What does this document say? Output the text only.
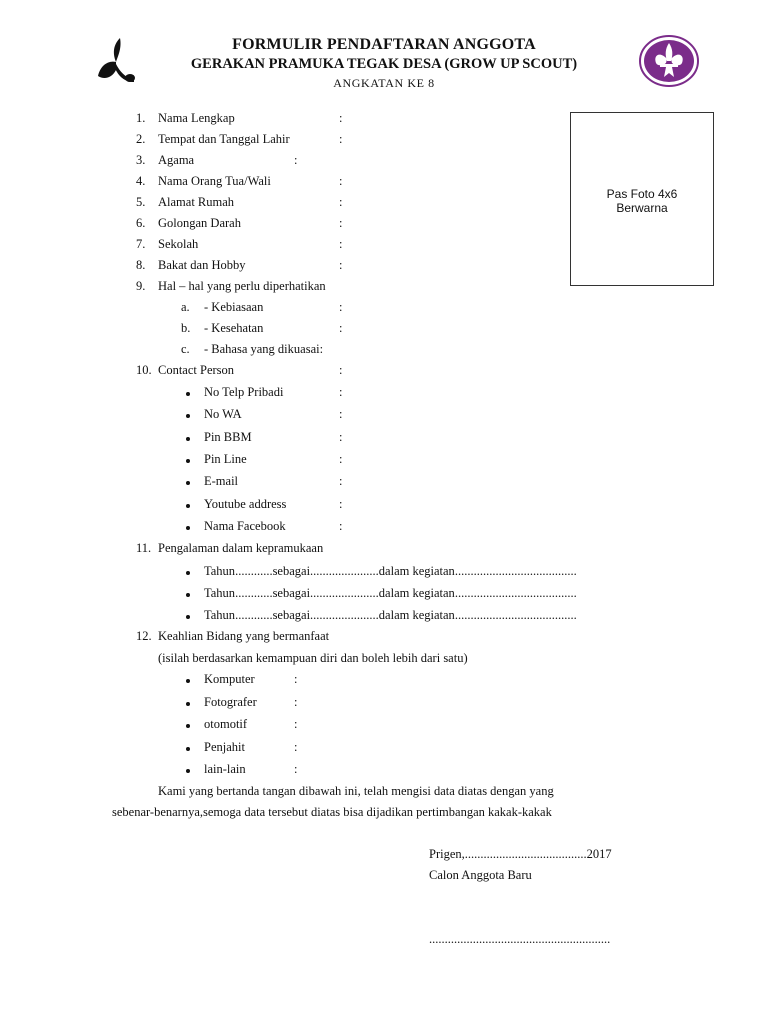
FORMULIR PENDAFTARAN ANGGOTA
GERAKAN PRAMUKA TEGAK DESA (GROW UP SCOUT)
ANGKATAN KE 8
Pas Foto 4x6
Berwarna
1. Nama Lengkap	:
2. Tempat dan Tanggal Lahir	:
3. Agama	:
4. Nama Orang Tua/Wali	:
5. Alamat Rumah	:
6. Golongan Darah	:
7. Sekolah	:
8. Bakat dan Hobby	:
9. Hal – hal yang perlu diperhatikan
a. - Kebiasaan	:
b. - Kesehatan	:
c. - Bahasa yang dikuasai:
10. Contact Person	:
No Telp Pribadi	:
No WA	:
Pin BBM	:
Pin Line	:
E-mail	:
Youtube address	:
Nama Facebook	:
11. Pengalaman dalam kepramukaan
Tahun............sebagai......................dalam kegiatan.......................................
Tahun............sebagai......................dalam kegiatan.......................................
Tahun............sebagai......................dalam kegiatan.......................................
12. Keahlian Bidang yang bermanfaat
(isilah berdasarkan kemampuan diri dan boleh lebih dari satu)
Komputer	:
Fotografer	:
otomotif	:
Penjahit	:
lain-lain	:
Kami yang bertanda tangan dibawah ini, telah mengisi data diatas dengan yang
sebenar-benarnya,semoga data tersebut diatas bisa dijadikan pertimbangan kakak-kakak
Prigen,.......................................2017
Calon Anggota Baru
..........................................................
